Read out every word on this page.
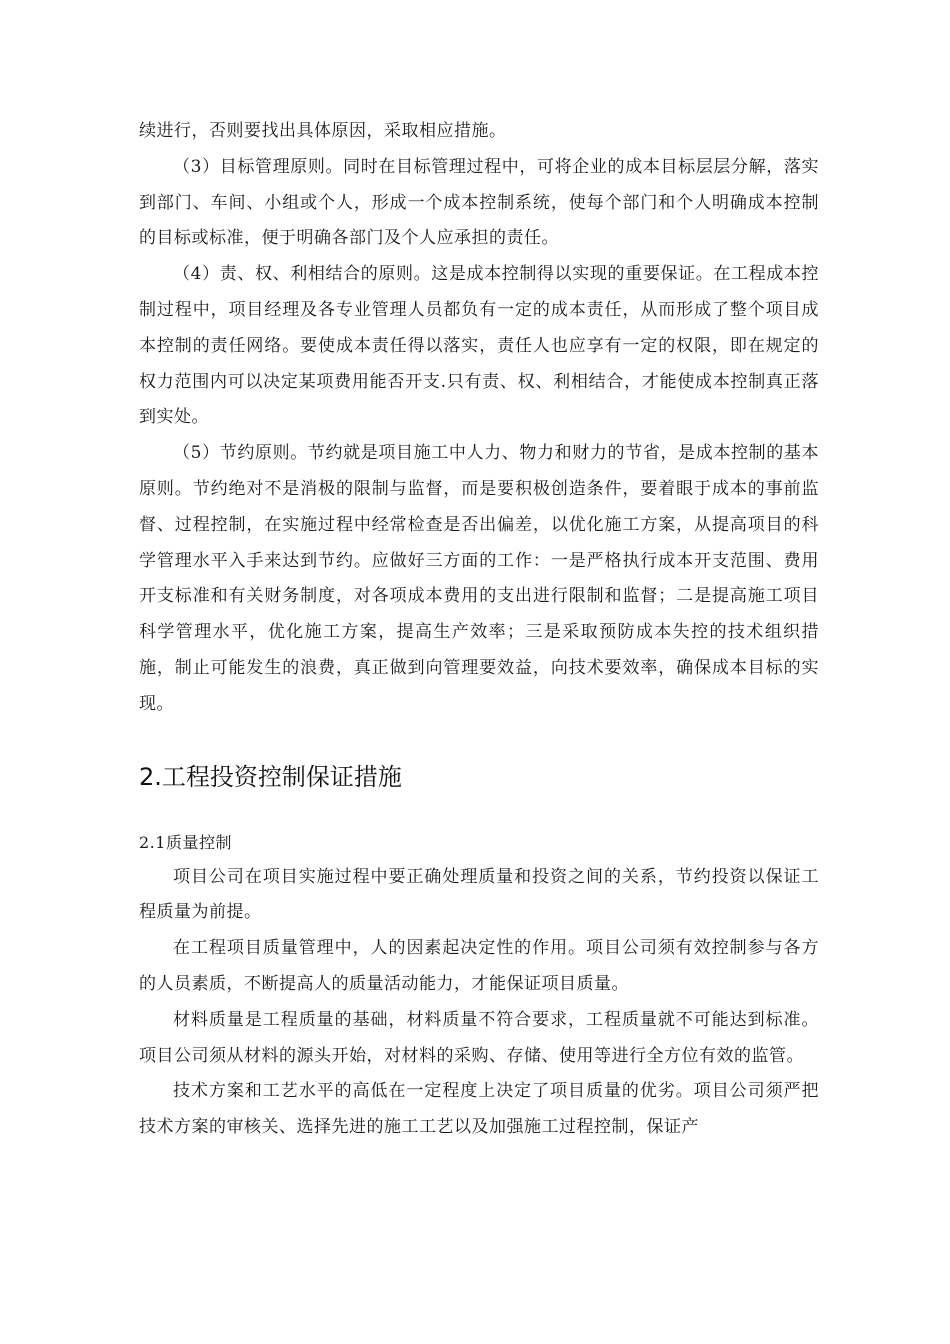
续进行，否则要找出具体原因，采取相应措施。

（3）目标管理原则。同时在目标管理过程中，可将企业的成本目标层层分解，落实到部门、车间、小组或个人，形成一个成本控制系统，使每个部门和个人明确成本控制的目标或标准，便于明确各部门及个人应承担的责任。

（4）责、权、利相结合的原则。这是成本控制得以实现的重要保证。在工程成本控制过程中，项目经理及各专业管理人员都负有一定的成本责任，从而形成了整个项目成本控制的责任网络。要使成本责任得以落实，责任人也应享有一定的权限，即在规定的权力范围内可以决定某项费用能否开支.只有责、权、利相结合，才能使成本控制真正落到实处。

（5）节约原则。节约就是项目施工中人力、物力和财力的节省，是成本控制的基本原则。节约绝对不是消极的限制与监督，而是要积极创造条件，要着眼于成本的事前监督、过程控制，在实施过程中经常检查是否出偏差，以优化施工方案，从提高项目的科学管理水平入手来达到节约。应做好三方面的工作：一是严格执行成本开支范围、费用开支标准和有关财务制度，对各项成本费用的支出进行限制和监督；二是提高施工项目科学管理水平，优化施工方案，提高生产效率；三是采取预防成本失控的技术组织措施，制止可能发生的浪费，真正做到向管理要效益，向技术要效率，确保成本目标的实现。

2.工程投资控制保证措施

2.1质量控制

项目公司在项目实施过程中要正确处理质量和投资之间的关系，节约投资以保证工程质量为前提。

在工程项目质量管理中，人的因素起决定性的作用。项目公司须有效控制参与各方的人员素质，不断提高人的质量活动能力，才能保证项目质量。

材料质量是工程质量的基础，材料质量不符合要求，工程质量就不可能达到标准。项目公司须从材料的源头开始，对材料的采购、存储、使用等进行全方位有效的监管。

技术方案和工艺水平的高低在一定程度上决定了项目质量的优劣。项目公司须严把技术方案的审核关、选择先进的施工工艺以及加强施工过程控制，保证产
